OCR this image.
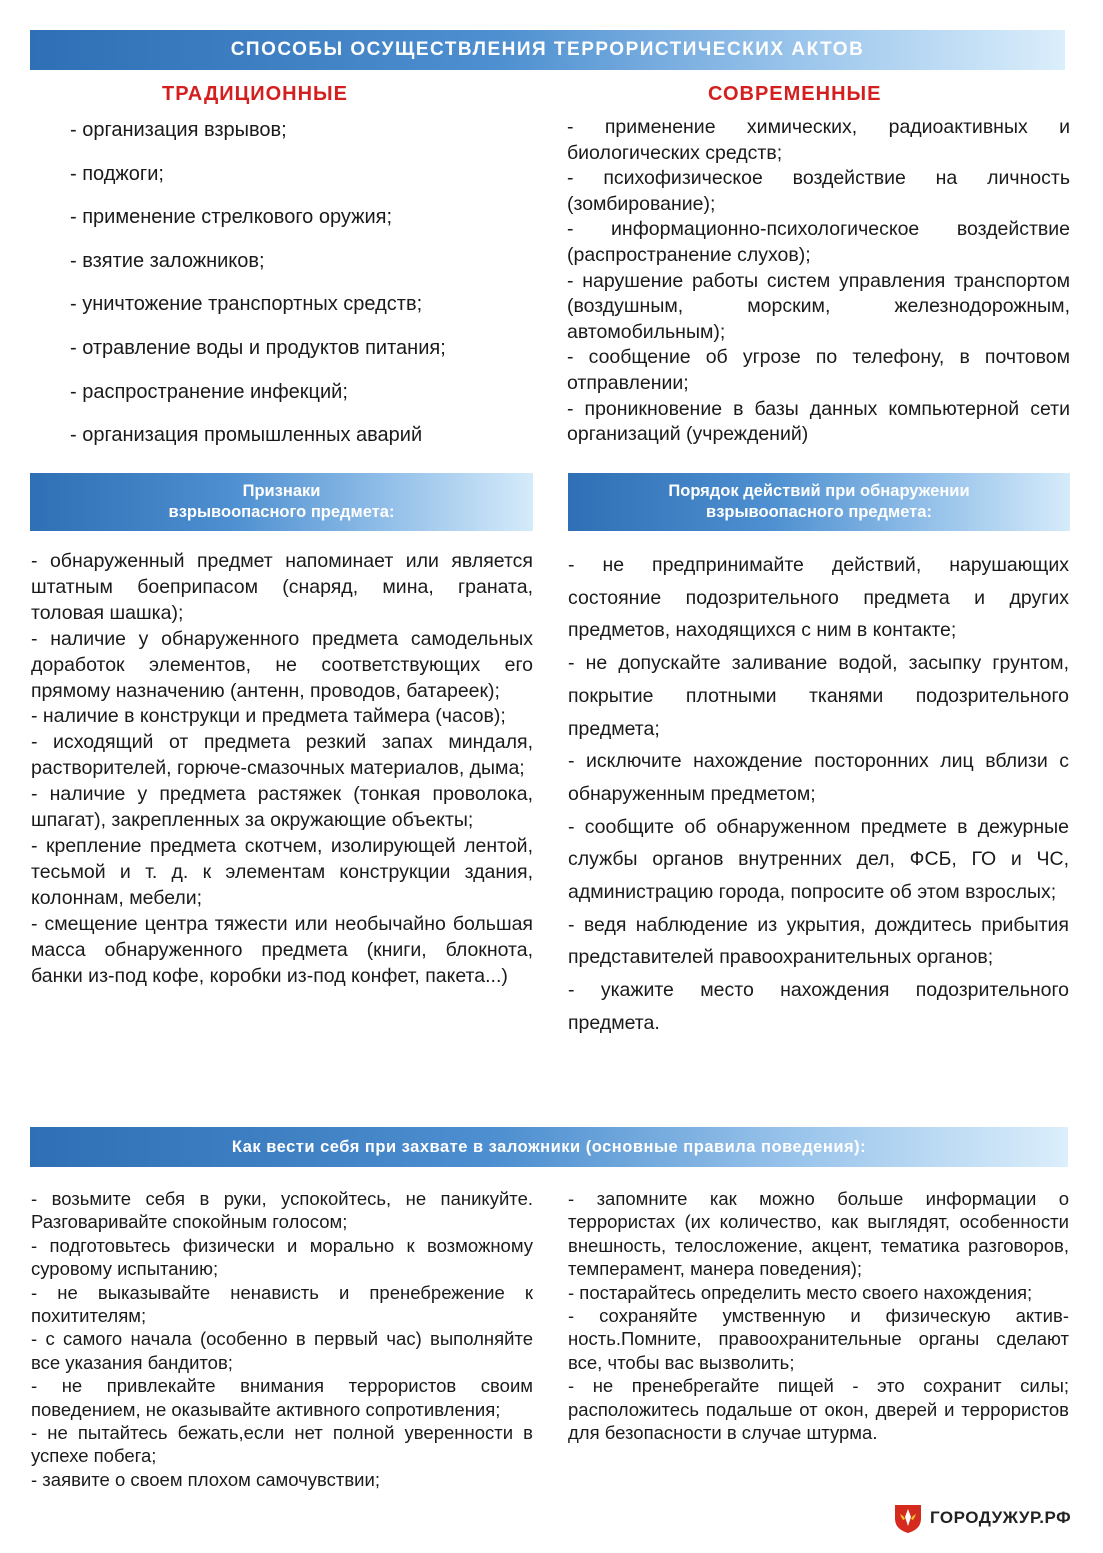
СПОСОБЫ ОСУЩЕСТВЛЕНИЯ ТЕРРОРИСТИЧЕСКИХ АКТОВ
ТРАДИЦИОННЫЕ	СОВРЕМЕННЫЕ
- организация взрывов;
- поджоги;
- применение стрелкового оружия;
- взятие заложников;
- уничтожение транспортных средств;
- отравление воды и продуктов питания;
- распространение инфекций;
- организация промышленных аварий

- применение химических, радиоактивных и биологических средств;

- психофизическое воздействие на личность (зомбирование);

- информационно-психологическое воздействие (распространение слухов);

- нарушение работы систем управления транспортом (воздушным, морским, железнодорожным, автомобильным);

- сообщение об угрозе по телефону, в почтовом отправлении;

- проникновение в базы данных компьютерной сети организаций (учреждений)

Признаки
взрывоопасного предмета:
Порядок действий при обнаружении
взрывоопасного предмета:

- обнаруженный предмет напоминает или является штатным боеприпасом (снаряд, мина, граната, толовая шашка);

- наличие у обнаруженного предмета самодельных доработок элементов, не соответствующих его прямому назначению (антенн, проводов, батареек);

- наличие в конструкци и предмета таймера (часов);

- исходящий от предмета резкий запах миндаля, растворителей, горюче-смазочных материалов, дыма;

- наличие у предмета растяжек (тонкая проволока, шпагат), закрепленных за окружающие объекты;

- крепление предмета скотчем, изолирующей лентой, тесьмой и т. д. к элементам конструкции здания, колоннам, мебели;

- смещение центра тяжести или необычайно большая масса обнаруженного предмета (книги, блокнота, банки из-под кофе, коробки из-под конфет, пакета...)

- не предпринимайте действий, нарушающих состояние подозрительного предмета и других предметов, находящихся с ним в контакте;

- не допускайте заливание водой, засыпку грунтом, покрытие плотными тканями подозрительного предмета;

- исключите нахождение посторонних лиц вблизи с обнаруженным предметом;

- сообщите об обнаруженном предмете в дежурные службы органов внутренних дел, ФСБ, ГО и ЧС, администрацию города, попросите об этом взрослых;

- ведя наблюдение из укрытия, дождитесь прибытия представителей правоохранительных органов;

- укажите место нахождения подозрительного предмета.

Как вести себя при захвате в заложники (основные правила поведения):

- возьмите себя в руки, успокойтесь, не паникуйте. Разговаривайте спокойным голосом;

- подготовьтесь физически и морально к возможному суровому испытанию;

- не выказывайте ненависть и пренебрежение к похитителям;

- с самого начала (особенно в первый час) выполняйте все указания бандитов;

- не привлекайте внимания террористов своим поведением, не оказывайте активного сопротивления;

- не пытайтесь бежать,если нет полной уверенности в успехе побега;

- заявите о своем плохом самочувствии;

- запомните как можно больше информации о террористах (их количество, как выглядят, особенности внешность, телосложение, акцент, тематика разговоров, темперамент, манера поведения);

- постарайтесь определить место своего нахождения;

- сохраняйте умственную и физическую активность.Помните, правоохранительные органы сделают все, чтобы вас вызволить;

- не пренебрегайте пищей - это сохранит силы; расположитесь подальше от окон, дверей и террористов для безопасности в случае штурма.

ГОРОДУЖУР.РФ
